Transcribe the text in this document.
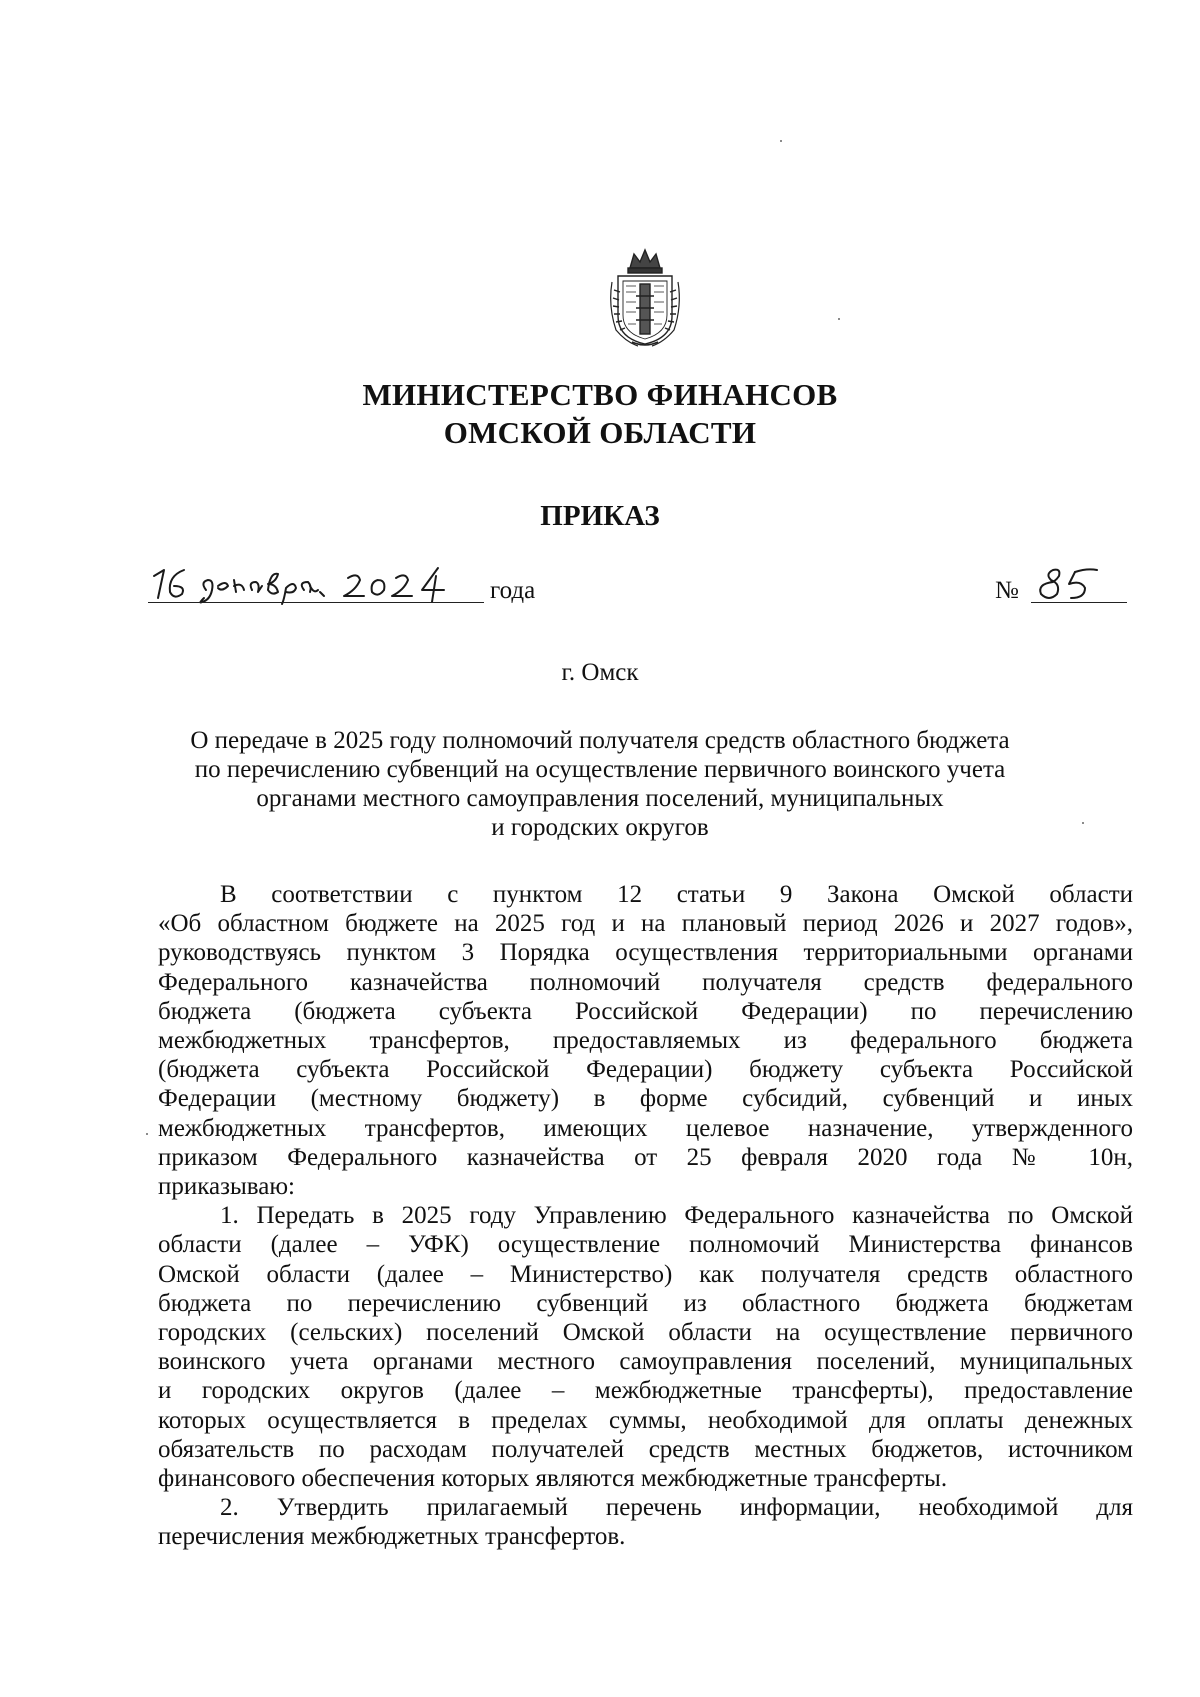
МИНИСТЕРСТВО ФИНАНСОВ
ОМСКОЙ ОБЛАСТИ
ПРИКАЗ
года	№
г. Омск
О передаче в 2025 году полномочий получателя средств областного бюджета
по перечислению субвенций на осуществление первичного воинского учета
органами местного самоуправления поселений, муниципальных
и городских округов
В соответствии с пунктом 12 статьи 9 Закона Омской области
«Об областном бюджете на 2025 год и на плановый период 2026 и 2027 годов»,
руководствуясь пунктом 3 Порядка осуществления территориальными органами
Федерального казначейства полномочий получателя средств федерального
бюджета (бюджета субъекта Российской Федерации) по перечислению
межбюджетных трансфертов, предоставляемых из федерального бюджета
(бюджета субъекта Российской Федерации) бюджету субъекта Российской
Федерации (местному бюджету) в форме субсидий, субвенций и иных
межбюджетных трансфертов, имеющих целевое назначение, утвержденного
приказом Федерального казначейства от 25 февраля 2020 года № 10н,
приказываю:
1. Передать в 2025 году Управлению Федерального казначейства по Омской
области (далее – УФК) осуществление полномочий Министерства финансов
Омской области (далее – Министерство) как получателя средств областного
бюджета по перечислению субвенций из областного бюджета бюджетам
городских (сельских) поселений Омской области на осуществление первичного
воинского учета органами местного самоуправления поселений, муниципальных
и городских округов (далее – межбюджетные трансферты), предоставление
которых осуществляется в пределах суммы, необходимой для оплаты денежных
обязательств по расходам получателей средств местных бюджетов, источником
финансового обеспечения которых являются межбюджетные трансферты.
2. Утвердить прилагаемый перечень информации, необходимой для
перечисления межбюджетных трансфертов.
